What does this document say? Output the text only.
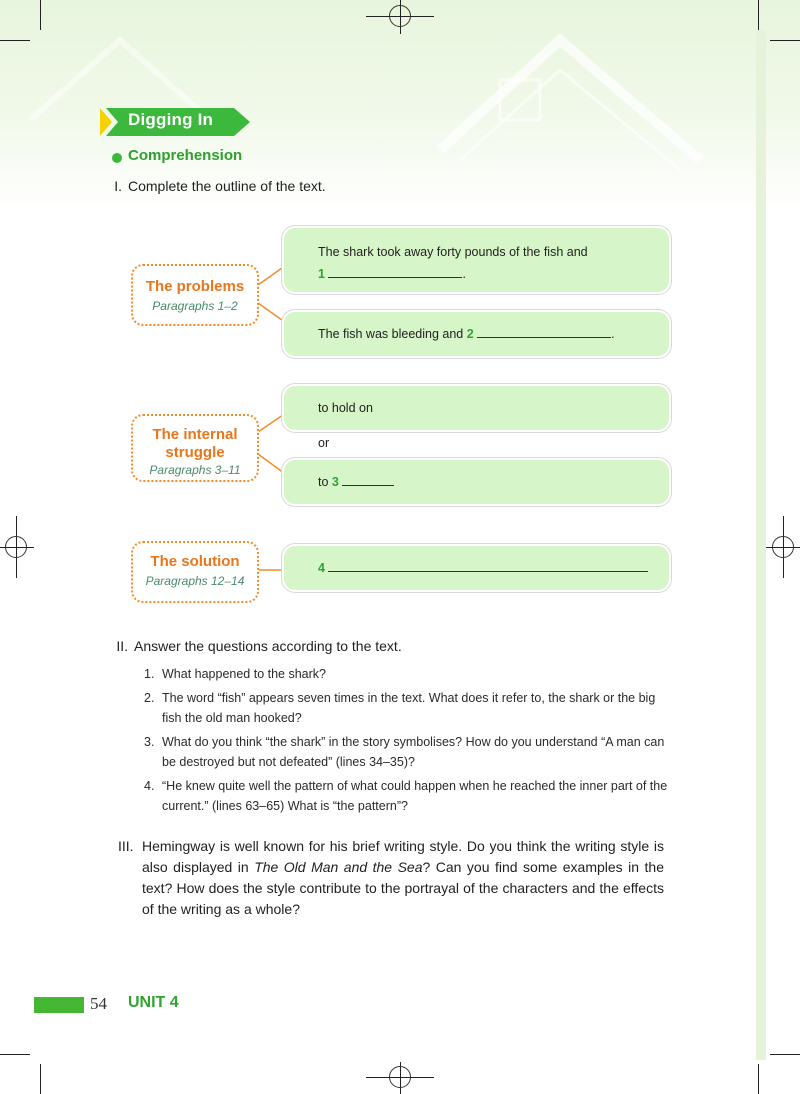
Digging In
Comprehension
I. Complete the outline of the text.
The problems
Paragraphs 1–2
The shark took away forty pounds of the fish and
1	.
The fish was bleeding and 2	.
The internal
struggle
Paragraphs 3–11
to hold on
or
to 3
The solution
Paragraphs 12–14
4
II. Answer the questions according to the text.
1. What happened to the shark?
2. The word “fish” appears seven times in the text. What does it refer to, the shark or the big fish the old man hooked?
3. What do you think “the shark” in the story symbolises? How do you understand “A man can be destroyed but not defeated” (lines 34–35)?
4. “He knew quite well the pattern of what could happen when he reached the inner part of the current.” (lines 63–65) What is “the pattern”?
III. Hemingway is well known for his brief writing style. Do you think the writing style is also displayed in The Old Man and the Sea? Can you find some examples in the text? How does the style contribute to the portrayal of the characters and the effects of the writing as a whole?
54 UNIT 4
